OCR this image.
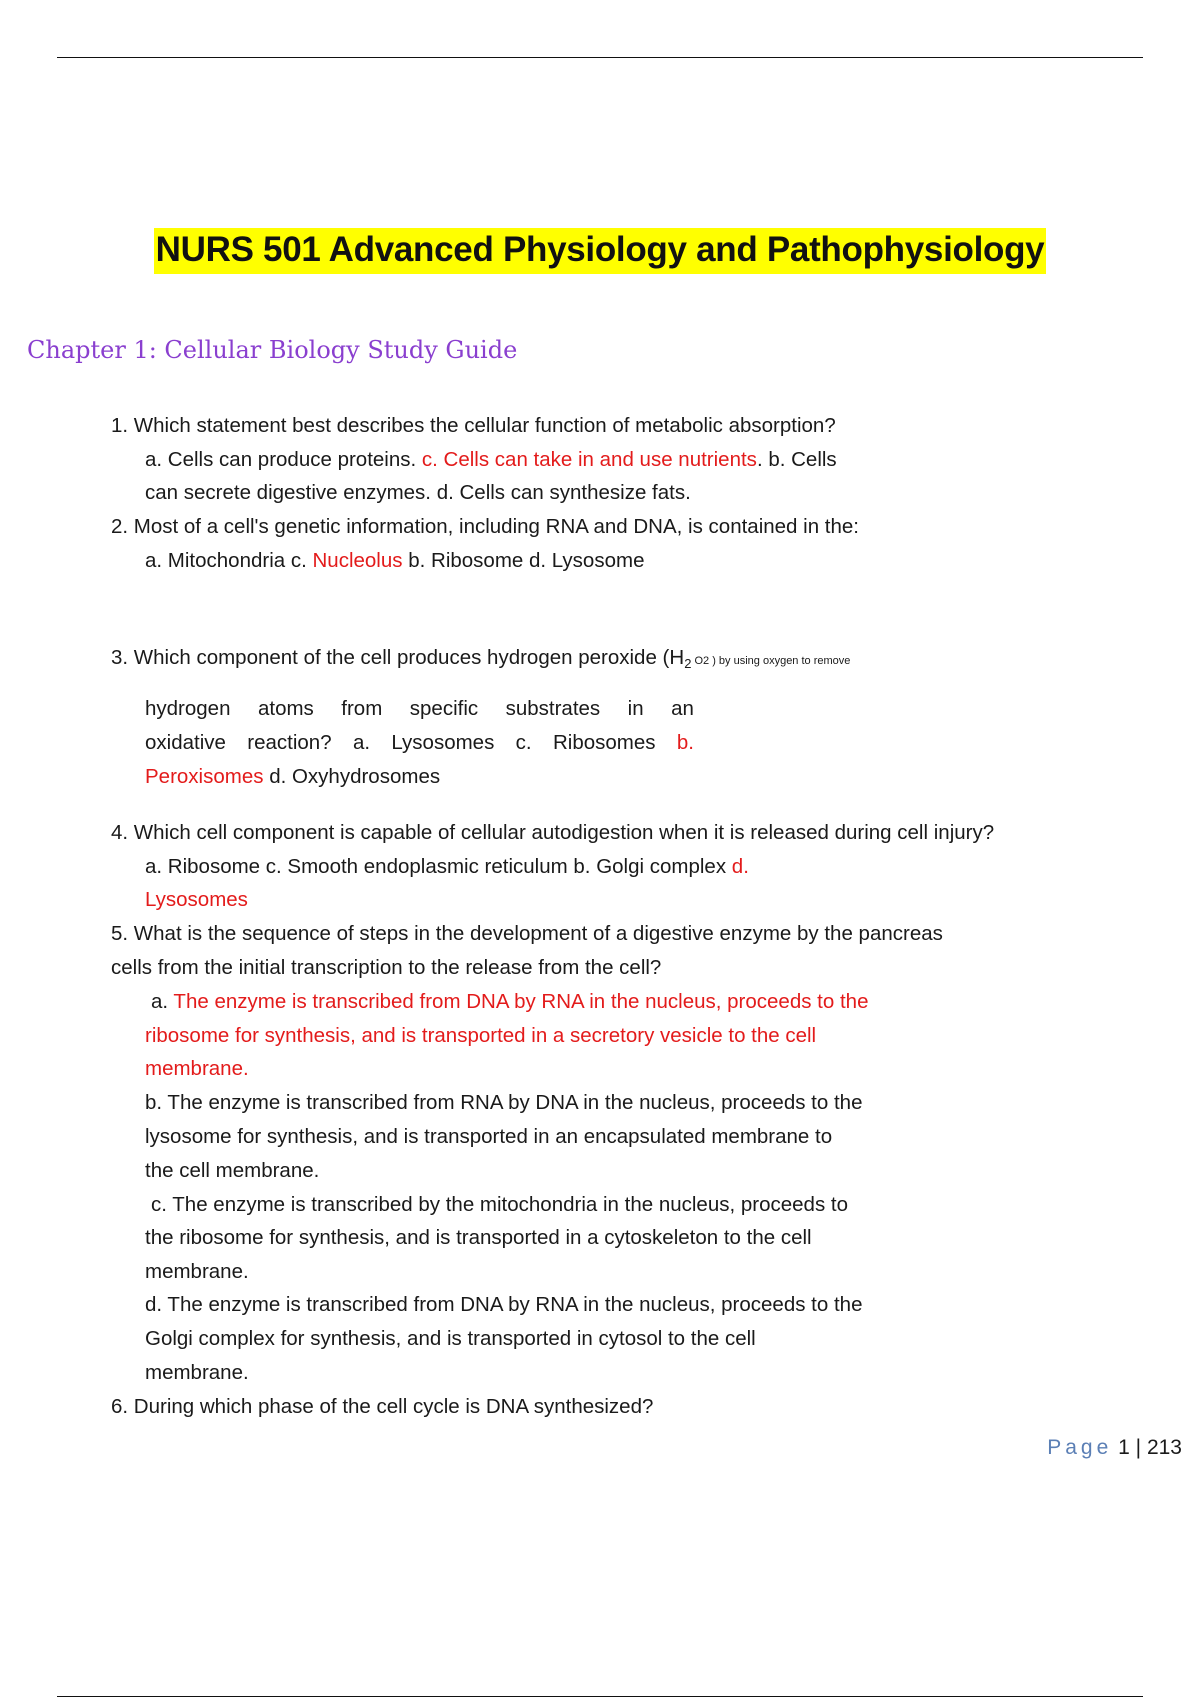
NURS 501 Advanced Physiology and Pathophysiology
Chapter 1: Cellular Biology Study Guide
1. Which statement best describes the cellular function of metabolic absorption?
a. Cells can produce proteins. c. Cells can take in and use nutrients. b. Cells
can secrete digestive enzymes. d. Cells can synthesize fats.
2. Most of a cell's genetic information, including RNA and DNA, is contained in the:
a. Mitochondria c. Nucleolus b. Ribosome d. Lysosome
3. Which component of the cell produces hydrogen peroxide ($H_2$ O2 ) by using oxygen to remove
hydrogen atoms from specific substrates in an
oxidative reaction? a. Lysosomes c. Ribosomes b.
Peroxisomes d. Oxyhydrosomes
4. Which cell component is capable of cellular autodigestion when it is released during cell injury?
a. Ribosome c. Smooth endoplasmic reticulum b. Golgi complex d.
Lysosomes
5. What is the sequence of steps in the development of a digestive enzyme by the pancreas
cells from the initial transcription to the release from the cell?
a. The enzyme is transcribed from DNA by RNA in the nucleus, proceeds to the
ribosome for synthesis, and is transported in a secretory vesicle to the cell
membrane.
b. The enzyme is transcribed from RNA by DNA in the nucleus, proceeds to the
lysosome for synthesis, and is transported in an encapsulated membrane to
the cell membrane.
c. The enzyme is transcribed by the mitochondria in the nucleus, proceeds to
the ribosome for synthesis, and is transported in a cytoskeleton to the cell
membrane.
d. The enzyme is transcribed from DNA by RNA in the nucleus, proceeds to the
Golgi complex for synthesis, and is transported in cytosol to the cell
membrane.
6. During which phase of the cell cycle is DNA synthesized?
Page 1 | 213
